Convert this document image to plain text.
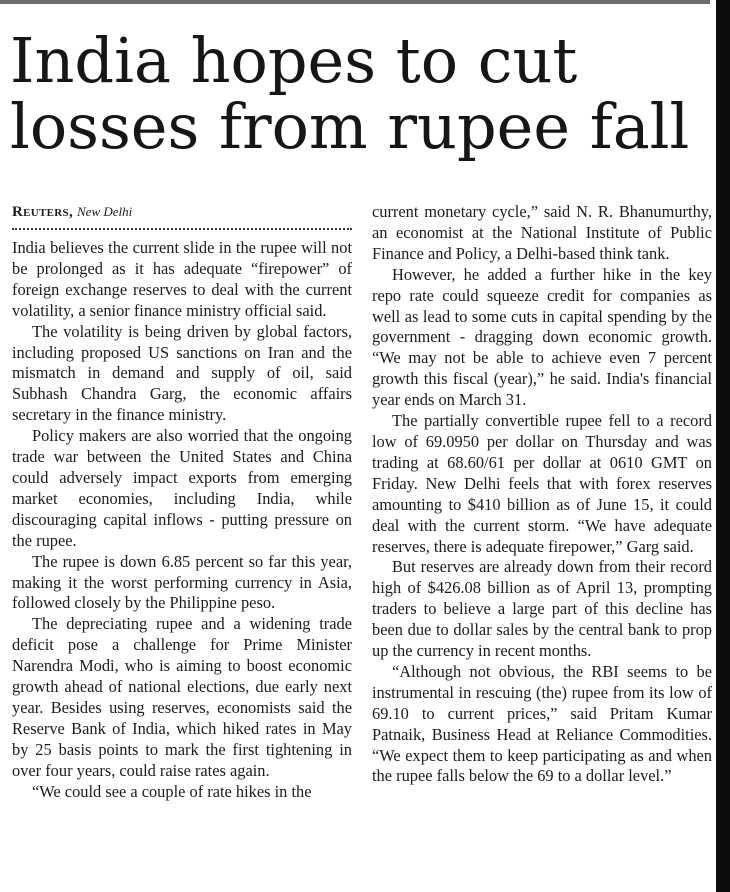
India hopes to cut
losses from rupee fall
Reuters, New Delhi

India believes the current slide in the rupee will not be prolonged as it has adequate “firepower” of foreign exchange reserves to deal with the current volatility, a senior finance ministry official said.

The volatility is being driven by global factors, including proposed US sanctions on Iran and the mismatch in demand and supply of oil, said Subhash Chandra Garg, the economic affairs secretary in the finance ministry.

Policy makers are also worried that the ongoing trade war between the United States and China could adversely impact exports from emerging market economies, including India, while discouraging capital inflows - putting pressure on the rupee.

The rupee is down 6.85 percent so far this year, making it the worst performing currency in Asia, followed closely by the Philippine peso.

The depreciating rupee and a widening trade deficit pose a challenge for Prime Minister Narendra Modi, who is aiming to boost economic growth ahead of national elections, due early next year. Besides using reserves, economists said the Reserve Bank of India, which hiked rates in May by 25 basis points to mark the first tightening in over four years, could raise rates again.

“We could see a couple of rate hikes in the

current monetary cycle,” said N. R. Bhanumurthy, an economist at the National Institute of Public Finance and Policy, a Delhi-based think tank.

However, he added a further hike in the key repo rate could squeeze credit for companies as well as lead to some cuts in capital spending by the government - dragging down economic growth. “We may not be able to achieve even 7 percent growth this fiscal (year),” he said. India's financial year ends on March 31.

The partially convertible rupee fell to a record low of 69.0950 per dollar on Thursday and was trading at 68.60/61 per dollar at 0610 GMT on Friday. New Delhi feels that with forex reserves amounting to $410 billion as of June 15, it could deal with the current storm. “We have adequate reserves, there is adequate firepower,” Garg said.

But reserves are already down from their record high of $426.08 billion as of April 13, prompting traders to believe a large part of this decline has been due to dollar sales by the central bank to prop up the currency in recent months.

“Although not obvious, the RBI seems to be instrumental in rescuing (the) rupee from its low of 69.10 to current prices,” said Pritam Kumar Patnaik, Business Head at Reliance Commodities. “We expect them to keep participating as and when the rupee falls below the 69 to a dollar level.”
